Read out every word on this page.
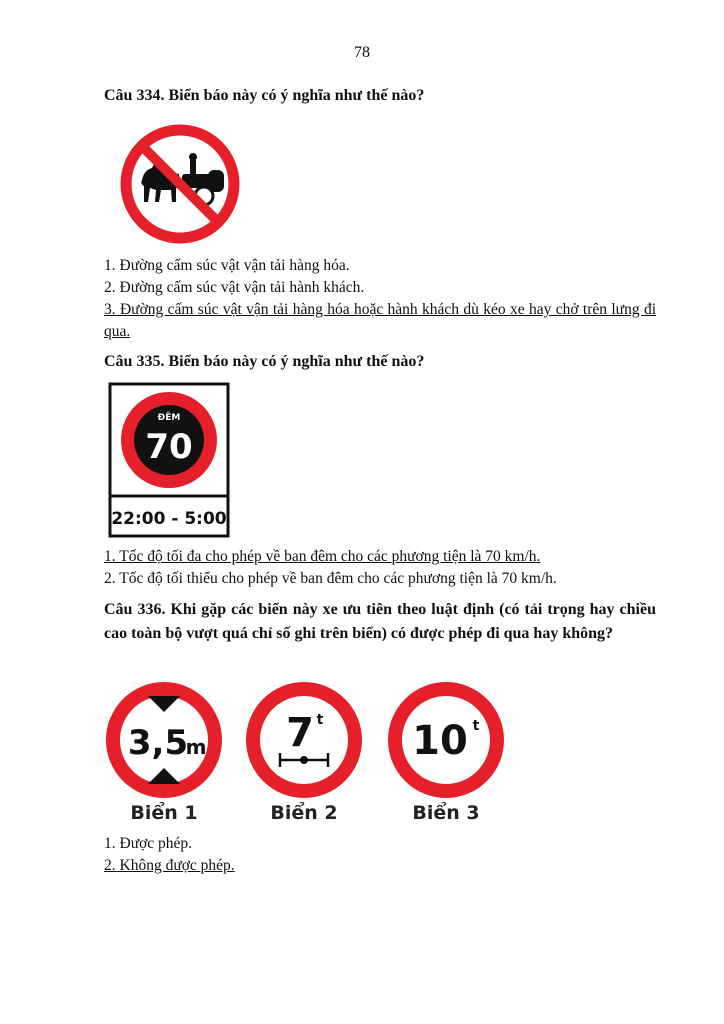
78
Câu 334. Biển báo này có ý nghĩa như thế nào?
1. Đường cấm súc vật vận tải hàng hóa.
2. Đường cấm súc vật vận tải hành khách.
3. Đường cấm súc vật vận tải hàng hóa hoặc hành khách dù kéo xe hay chở trên lưng đi qua.
Câu 335. Biển báo này có ý nghĩa như thế nào?
ĐÊM
70
22:00 - 5:00
1. Tốc độ tối đa cho phép về ban đêm cho các phương tiện là 70 km/h.
2. Tốc độ tối thiểu cho phép về ban đêm cho các phương tiện là 70 km/h.
Câu 336. Khi gặp các biển này xe ưu tiên theo luật định (có tải trọng hay chiều cao toàn bộ vượt quá chỉ số ghi trên biển) có được phép đi qua hay không?
3,5
m 7 t 10 t
Biển 1	Biển 2	Biển 3
1. Được phép.
2. Không được phép.
